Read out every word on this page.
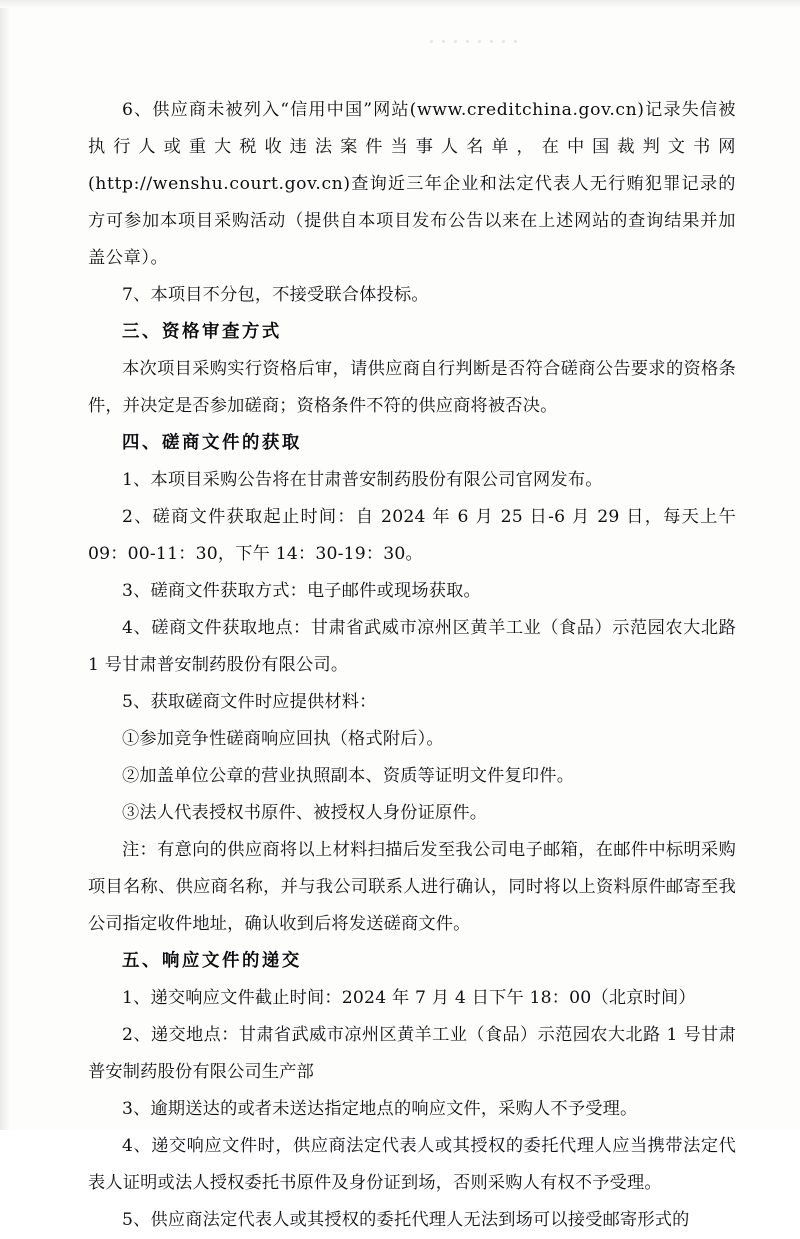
6、供应商未被列入“信用中国”网站(www.creditchina.gov.cn)记录失信被执行人或重大税收违法案件当事人名单，在中国裁判文书网(http://wenshu.court.gov.cn)查询近三年企业和法定代表人无行贿犯罪记录的方可参加本项目采购活动（提供自本项目发布公告以来在上述网站的查询结果并加盖公章）。

7、本项目不分包，不接受联合体投标。

三、资格审查方式

本次项目采购实行资格后审，请供应商自行判断是否符合磋商公告要求的资格条件，并决定是否参加磋商；资格条件不符的供应商将被否决。

四、磋商文件的获取

1、本项目采购公告将在甘肃普安制药股份有限公司官网发布。

2、磋商文件获取起止时间：自 2024 年 6 月 25 日-6 月 29 日，每天上午 09：00-11：30，下午 14：30-19：30。

3、磋商文件获取方式：电子邮件或现场获取。

4、磋商文件获取地点：甘肃省武威市凉州区黄羊工业（食品）示范园农大北路 1 号甘肃普安制药股份有限公司。

5、获取磋商文件时应提供材料：

①参加竞争性磋商响应回执（格式附后）。

②加盖单位公章的营业执照副本、资质等证明文件复印件。

③法人代表授权书原件、被授权人身份证原件。

注：有意向的供应商将以上材料扫描后发至我公司电子邮箱，在邮件中标明采购项目名称、供应商名称，并与我公司联系人进行确认，同时将以上资料原件邮寄至我公司指定收件地址，确认收到后将发送磋商文件。

五、响应文件的递交

1、递交响应文件截止时间：2024 年 7 月 4 日下午 18：00（北京时间）

2、递交地点：甘肃省武威市凉州区黄羊工业（食品）示范园农大北路 1 号甘肃普安制药股份有限公司生产部

3、逾期送达的或者未送达指定地点的响应文件，采购人不予受理。

4、递交响应文件时，供应商法定代表人或其授权的委托代理人应当携带法定代表人证明或法人授权委托书原件及身份证到场，否则采购人有权不予受理。

5、供应商法定代表人或其授权的委托代理人无法到场可以接受邮寄形式的
